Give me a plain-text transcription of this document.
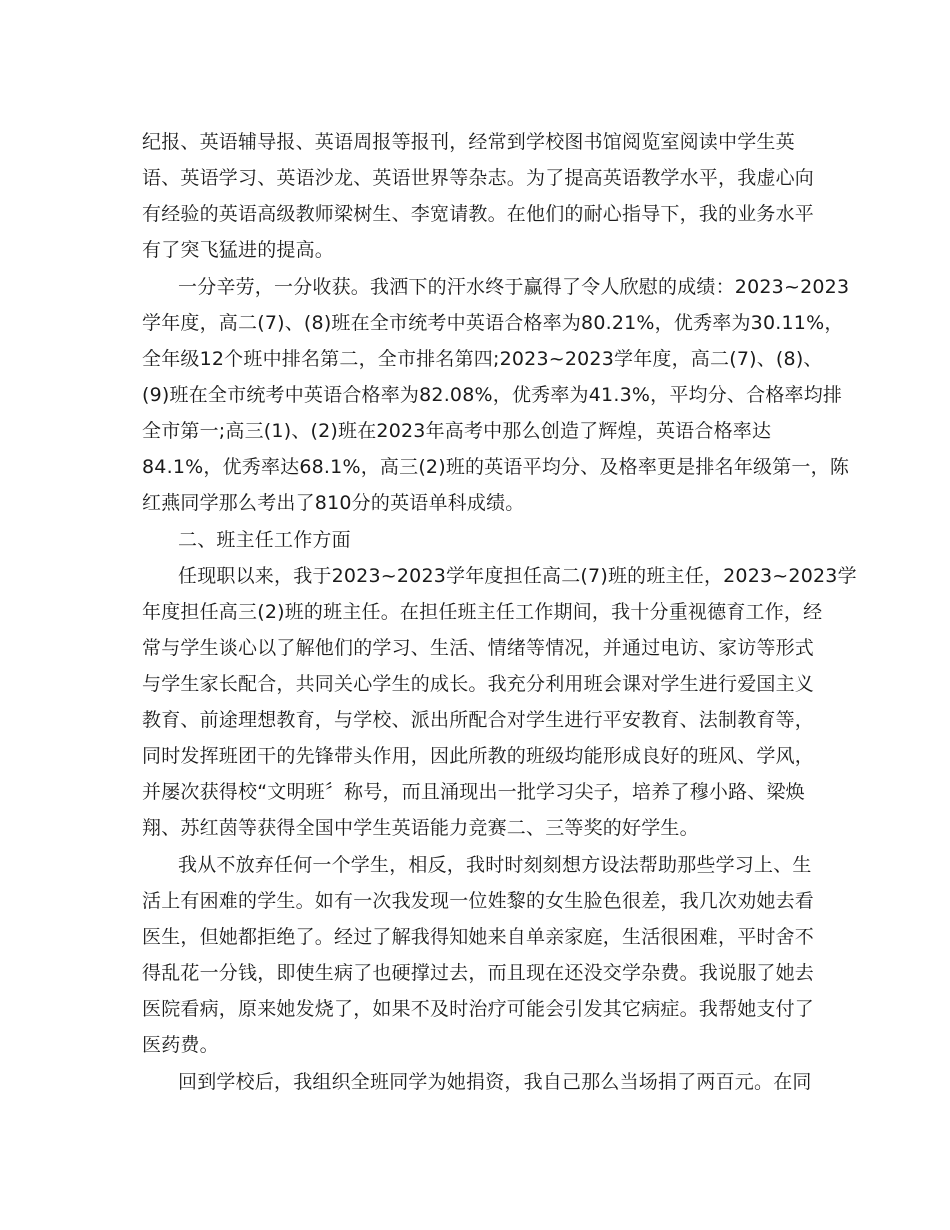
纪报、英语辅导报、英语周报等报刊，经常到学校图书馆阅览室阅读中学生英
语、英语学习、英语沙龙、英语世界等杂志。为了提高英语教学水平，我虚心向
有经验的英语高级教师梁树生、李宽请教。在他们的耐心指导下，我的业务水平
有了突飞猛进的提高。
一分辛劳，一分收获。我洒下的汗水终于赢得了令人欣慰的成绩：2023~2023
学年度，高二(7)、(8)班在全市统考中英语合格率为80.21%，优秀率为30.11%，
全年级12个班中排名第二，全市排名第四;2023~2023学年度，高二(7)、(8)、
(9)班在全市统考中英语合格率为82.08%，优秀率为41.3%，平均分、合格率均排
全市第一;高三(1)、(2)班在2023年高考中那么创造了辉煌，英语合格率达
84.1%，优秀率达68.1%，高三(2)班的英语平均分、及格率更是排名年级第一，陈
红燕同学那么考出了810分的英语单科成绩。
二、班主任工作方面
任现职以来，我于2023~2023学年度担任高二(7)班的班主任，2023~2023学
年度担任高三(2)班的班主任。在担任班主任工作期间，我十分重视德育工作，经
常与学生谈心以了解他们的学习、生活、情绪等情况，并通过电访、家访等形式
与学生家长配合，共同关心学生的成长。我充分利用班会课对学生进行爱国主义
教育、前途理想教育，与学校、派出所配合对学生进行平安教育、法制教育等，
同时发挥班团干的先锋带头作用，因此所教的班级均能形成良好的班风、学风，
并屡次获得校“文明班〞称号，而且涌现出一批学习尖子，培养了穆小路、梁焕
翔、苏红茵等获得全国中学生英语能力竞赛二、三等奖的好学生。
我从不放弃任何一个学生，相反，我时时刻刻想方设法帮助那些学习上、生
活上有困难的学生。如有一次我发现一位姓黎的女生脸色很差，我几次劝她去看
医生，但她都拒绝了。经过了解我得知她来自单亲家庭，生活很困难，平时舍不
得乱花一分钱，即使生病了也硬撑过去，而且现在还没交学杂费。我说服了她去
医院看病，原来她发烧了，如果不及时治疗可能会引发其它病症。我帮她支付了
医药费。
回到学校后，我组织全班同学为她捐资，我自己那么当场捐了两百元。在同
